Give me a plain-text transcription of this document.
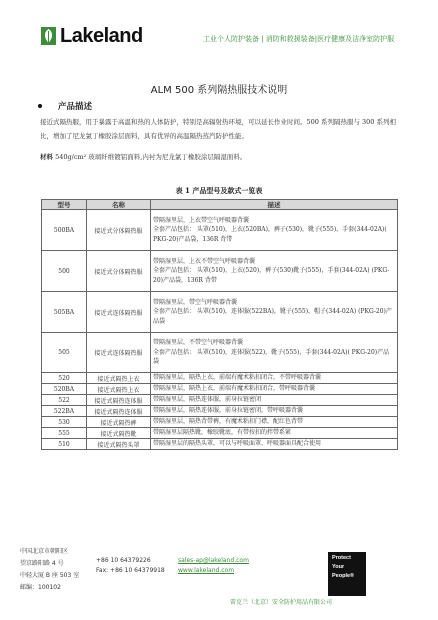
Lakeland	工业个人防护装备 | 消防和救援装备|医疗健康及洁净室防护服
ALM 500 系列隔热服技术说明
产品描述
接近式隔热服，用于暴露于高温和热的人体防护，特别是高辐射热环境，可以延长作业时间。500 系列隔热服与 300 系列相比，增加了尼龙氯丁橡胶涂层面料，具有优异的高温隔热蒸汽防护性能。
材料 540g/cm² 玻璃纤维镀铝面料,内衬为尼龙氯丁橡胶涂层隔湿面料。
表 1 产品型号及款式一览表
型号	名称	描述
500BA	接近式分体隔热服	带隔湿里层，上衣带空气呼吸器背囊
全套产品包括： 头罩(510)，上衣(520BA)，裤子(530)，靴子(555)，手套(344-02A)( PKG-20)产品袋，136R 背带
500	接近式分体隔热服	带隔湿里层，上衣不带空气呼吸器背囊
全套产品包括： 头罩(510)，上衣(520)，裤子(530)靴子(555)，手套(344-02A) (PKG-20)产品袋，136R 背带
505BA	接近式连体隔热服	带隔湿里层，带空气呼吸器背囊
全套产品包括： 头罩(510)，连体服(522BA)，靴子(555)，帽子(344-02A) (PKG-20)产品袋
505	接近式连体隔热服	带隔湿里层，不带空气呼吸器背囊
全套产品包括： 头罩(510)，连体服(522)，靴子(555)，手套(344-02A)( PKG-20)产品袋
520	接近式隔热上衣	带隔湿里层，隔热上衣，前端有魔术粘扣闭合，不带呼吸器背囊
520BA	接近式隔热上衣	带隔湿里层，隔热上衣，前端有魔术粘扣闭合，带呼吸器背囊
522	接近式隔热连体服	带隔湿里层，隔热连体服，前身拉链密闭
522BA	接近式隔热连体服	带隔湿里层，隔热连体服，前身拉链密闭，带呼吸器背囊
530	接近式隔热裤	带隔湿里层，隔热背带裤，有魔术粘扣门襟，配红色背带
555	接近式隔热靴	带隔湿里层隔热靴，橡胶靴底，有带按扣的拌带系紧
510	接近式隔热头罩	带隔湿里层的隔热头罩，可以与呼吸面罩、呼吸器面具配合使用
中国北京市朝阳区
望京路阳路 4 号
中轻大厦 B 座 503 室
邮编：100102
+86 10 64379226
Fax: +86 10 64379918
sales-ap@lakeland.com
www.lakeland.com
Protect
Your
People®
雷克兰（北京）安全防护用品有限公司
